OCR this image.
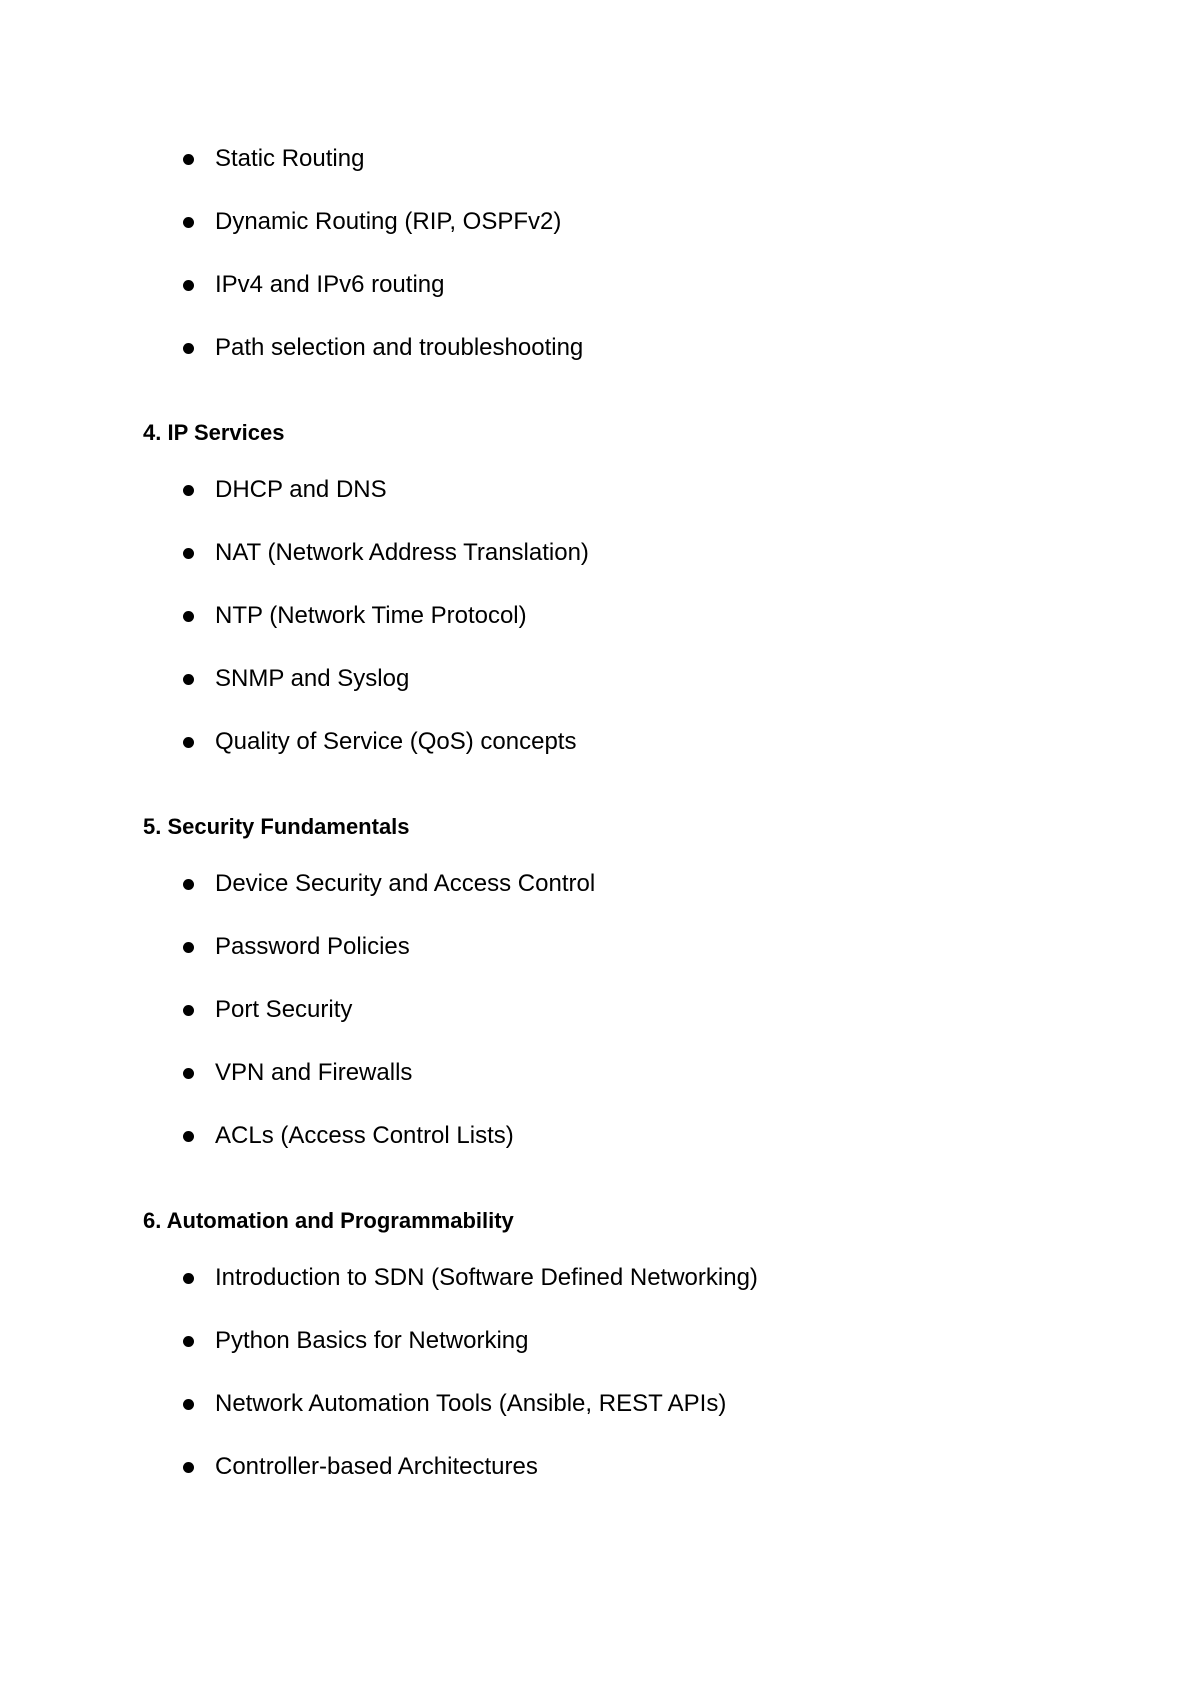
Static Routing
Dynamic Routing (RIP, OSPFv2)
IPv4 and IPv6 routing
Path selection and troubleshooting
4. IP Services
DHCP and DNS
NAT (Network Address Translation)
NTP (Network Time Protocol)
SNMP and Syslog
Quality of Service (QoS) concepts
5. Security Fundamentals
Device Security and Access Control
Password Policies
Port Security
VPN and Firewalls
ACLs (Access Control Lists)
6. Automation and Programmability
Introduction to SDN (Software Defined Networking)
Python Basics for Networking
Network Automation Tools (Ansible, REST APIs)
Controller-based Architectures
